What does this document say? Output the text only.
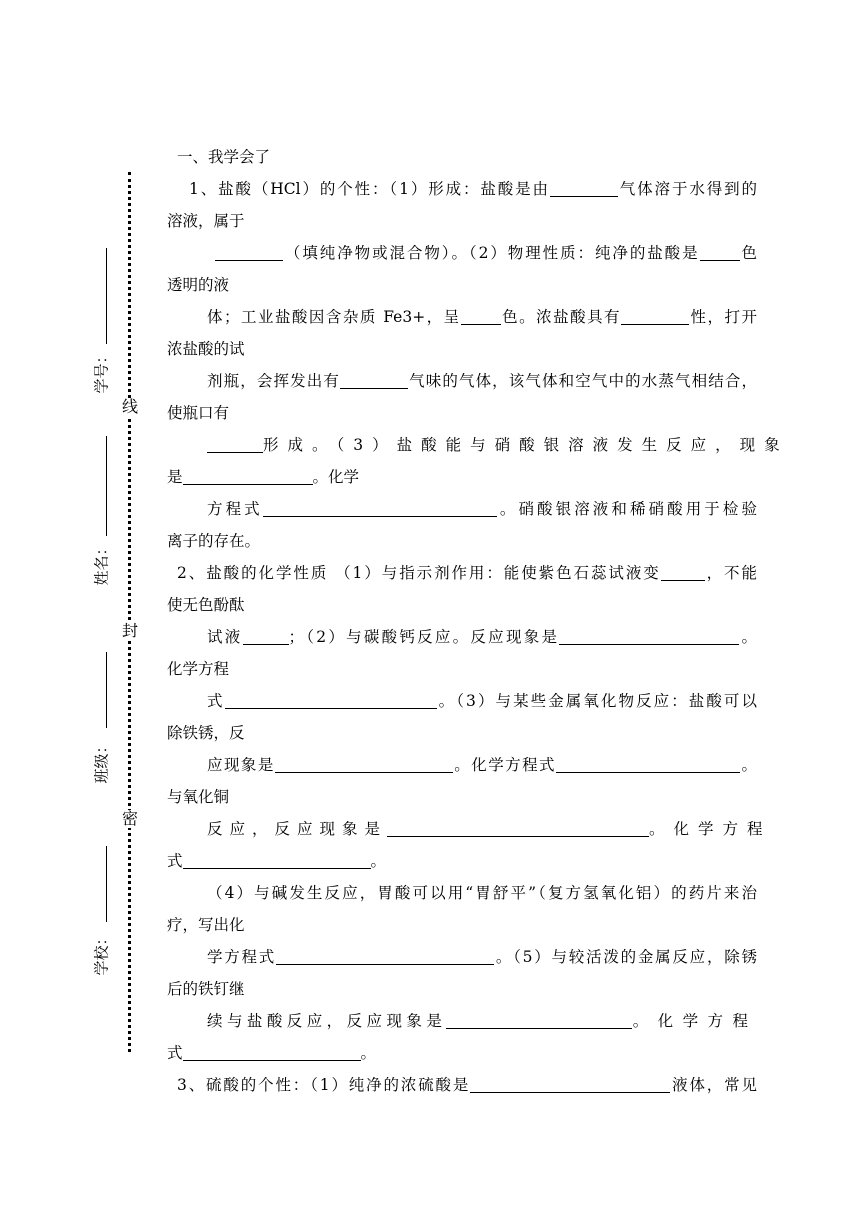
线
封
密
学号：
姓名：
班级：
学校：
一、我学会了
1、盐酸（HCl）的个性：（1）形成：盐酸是由	气体溶于水得到的
溶液，属于
（填纯净物或混合物）。（2）物理性质：纯净的盐酸是	色
透明的液
体；工业盐酸因含杂质 Fe3+，呈	色。浓盐酸具有	性，打开
浓盐酸的试
剂瓶，会挥发出有	气味的气体，该气体和空气中的水蒸气相结合，
使瓶口有
形成。（3）盐酸能与硝酸银溶液发生反应，现象
是	。化学
方程式	。硝酸银溶液和稀硝酸用于检验
离子的存在。
2、盐酸的化学性质 （1）与指示剂作用：能使紫色石蕊试液变	，不能
使无色酚酞
试液	；（2）与碳酸钙反应。反应现象是	。
化学方程
式	。（3）与某些金属氧化物反应：盐酸可以
除铁锈，反
应现象是	。化学方程式	。
与氧化铜
反应，反应现象是	。化学方程
式	。
（4）与碱发生反应，胃酸可以用“胃舒平”（复方氢氧化铝）的药片来治
疗，写出化
学方程式	。（5）与较活泼的金属反应，除锈
后的铁钉继
续与盐酸反应，反应现象是	。化学方程
式	。
3、硫酸的个性：（1）纯净的浓硫酸是	液体，常见
